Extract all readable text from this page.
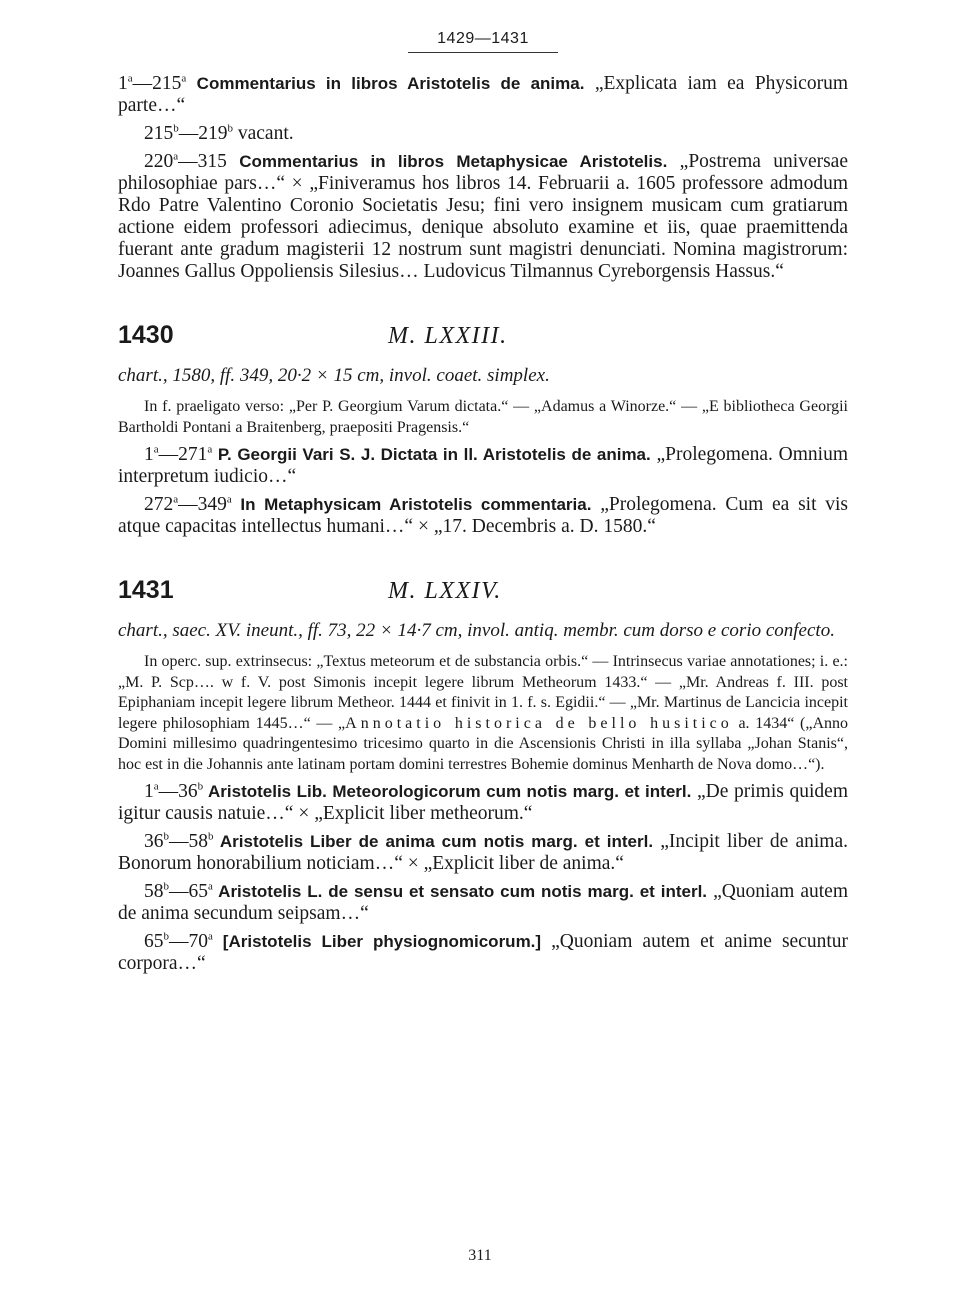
1429—1431

1$^a$—215$^a$ Commentarius in libros Aristotelis de anima. „Explicata iam ea Physicorum parte…“

215$^b$—219$^b$ vacant.

220$^a$—315 Commentarius in libros Metaphysicae Aristotelis. „Postrema universae philosophiae pars…“ × „Finiveramus hos libros 14. Februarii a. 1605 professore admodum Rdo Patre Valentino Coronio Societatis Jesu; fini vero insignem musicam cum gratiarum actione eidem professori adiecimus, denique absoluto examine et iis, quae praemittenda fuerant ante gradum magisterii 12 nostrum sunt magistri denunciati. Nomina magistrorum: Joannes Gallus Oppoliensis Silesius… Ludovicus Tilmannus Cyreborgensis Hassus.“

1430	M. LXXIII.

chart., 1580, ff. 349, 20·2 × 15 cm, invol. coaet. simplex.

In f. praeligato verso: „Per P. Georgium Varum dictata.“ — „Adamus a Winorze.“ — „E bibliotheca Georgii Bartholdi Pontani a Braitenberg, praepositi Pragensis.“

1$^a$—271$^a$ P. Georgii Vari S. J. Dictata in ll. Aristotelis de anima. „Prolegomena. Omnium interpretum iudicio…“

272$^a$—349$^a$ In Metaphysicam Aristotelis commentaria. „Prolegomena. Cum ea sit vis atque capacitas intellectus humani…“ × „17. Decembris a. D. 1580.“

1431	M. LXXIV.

chart., saec. XV. ineunt., ff. 73, 22 × 14·7 cm, invol. antiq. membr. cum dorso e corio confecto.

In operc. sup. extrinsecus: „Textus meteorum et de substancia orbis.“ — Intrinsecus variae annotationes; i. e.: „M. P. Scp…. w f. V. post Simonis incepit legere librum Metheorum 1433.“ — „Mr. Andreas f. III. post Epiphaniam incepit legere librum Metheor. 1444 et finivit in 1. f. s. Egidii.“ — „Mr. Martinus de Lancicia incepit legere philosophiam 1445…“ — „Annotatio historica de bello husitico a. 1434“ („Anno Domini millesimo quadringentesimo tricesimo quarto in die Ascensionis Christi in illa syllaba „Johan Stanis“, hoc est in die Johannis ante latinam portam domini terrestres Bohemie dominus Menharth de Nova domo…“).

1$^a$—36$^b$ Aristotelis Lib. Meteorologicorum cum notis marg. et interl. „De primis quidem igitur causis natuie…“ × „Explicit liber metheorum.“

36$^b$—58$^b$ Aristotelis Liber de anima cum notis marg. et interl. „Incipit liber de anima. Bonorum honorabilium noticiam…“ × „Explicit liber de anima.“

58$^b$—65$^a$ Aristotelis L. de sensu et sensato cum notis marg. et interl. „Quoniam autem de anima secundum seipsam…“

65$^b$—70$^a$ [Aristotelis Liber physiognomicorum.] „Quoniam autem et anime secuntur corpora…“

311
